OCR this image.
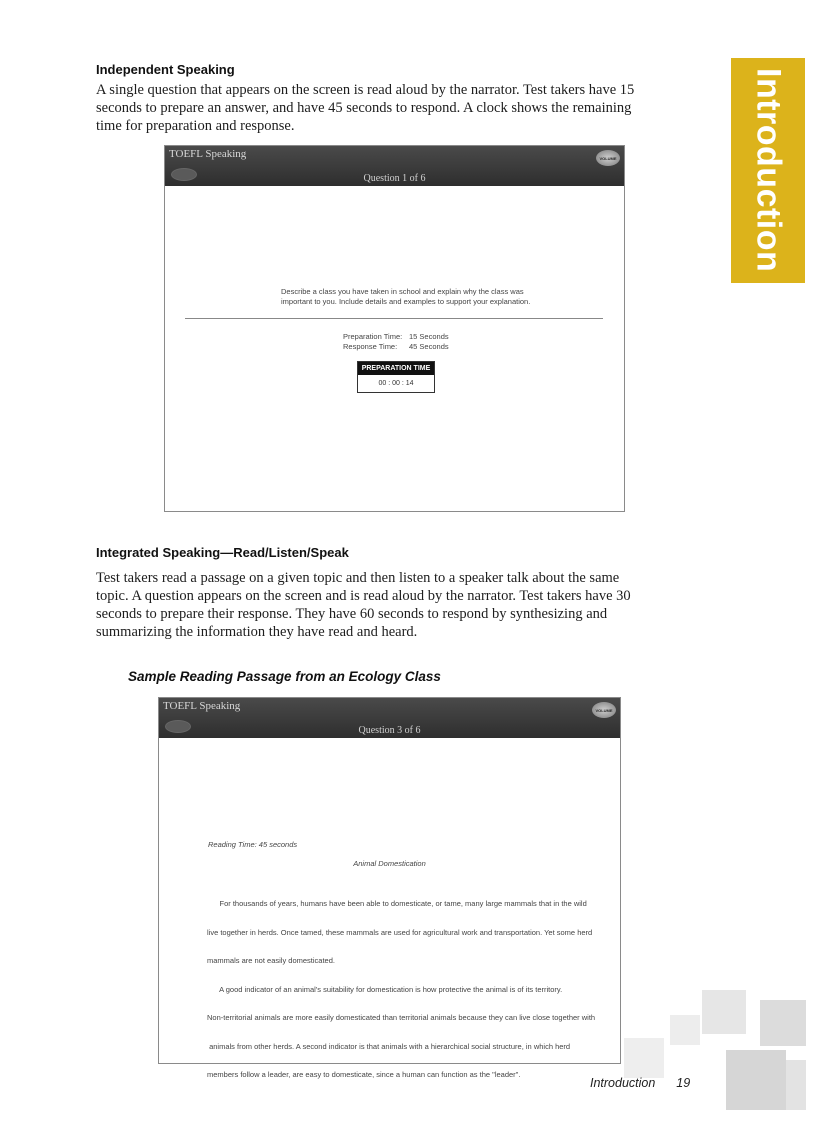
Introduction
Independent Speaking
A single question that appears on the screen is read aloud by the narrator. Test takers have 15
seconds to prepare an answer, and have 45 seconds to respond. A clock shows the remaining
time for preparation and response.
TOEFL Speaking
Question 1 of 6
VOLUME
Describe a class you have taken in school and explain why the class was
important to you. Include details and examples to support your explanation.
Preparation Time: 15 Seconds
Response Time: 45 Seconds
PREPARATION TIME
00 : 00 : 14
Integrated Speaking—Read/Listen/Speak
Test takers read a passage on a given topic and then listen to a speaker talk about the same
topic. A question appears on the screen and is read aloud by the narrator. Test takers have 30
seconds to prepare their response. They have 60 seconds to respond by synthesizing and
summarizing the information they have read and heard.
Sample Reading Passage from an Ecology Class
TOEFL Speaking
Question 3 of 6
VOLUME
Reading Time: 45 seconds
Animal Domestication

For thousands of years, humans have been able to domesticate, or tame, many large mammals that in the wild

live together in herds. Once tamed, these mammals are used for agricultural work and transportation. Yet some herd

mammals are not easily domesticated.

A good indicator of an animal's suitability for domestication is how protective the animal is of its territory.

Non-territorial animals are more easily domesticated than territorial animals because they can live close together with

animals from other herds. A second indicator is that animals with a hierarchical social structure, in which herd

members follow a leader, are easy to domesticate, since a human can function as the "leader".

Introduction 19
